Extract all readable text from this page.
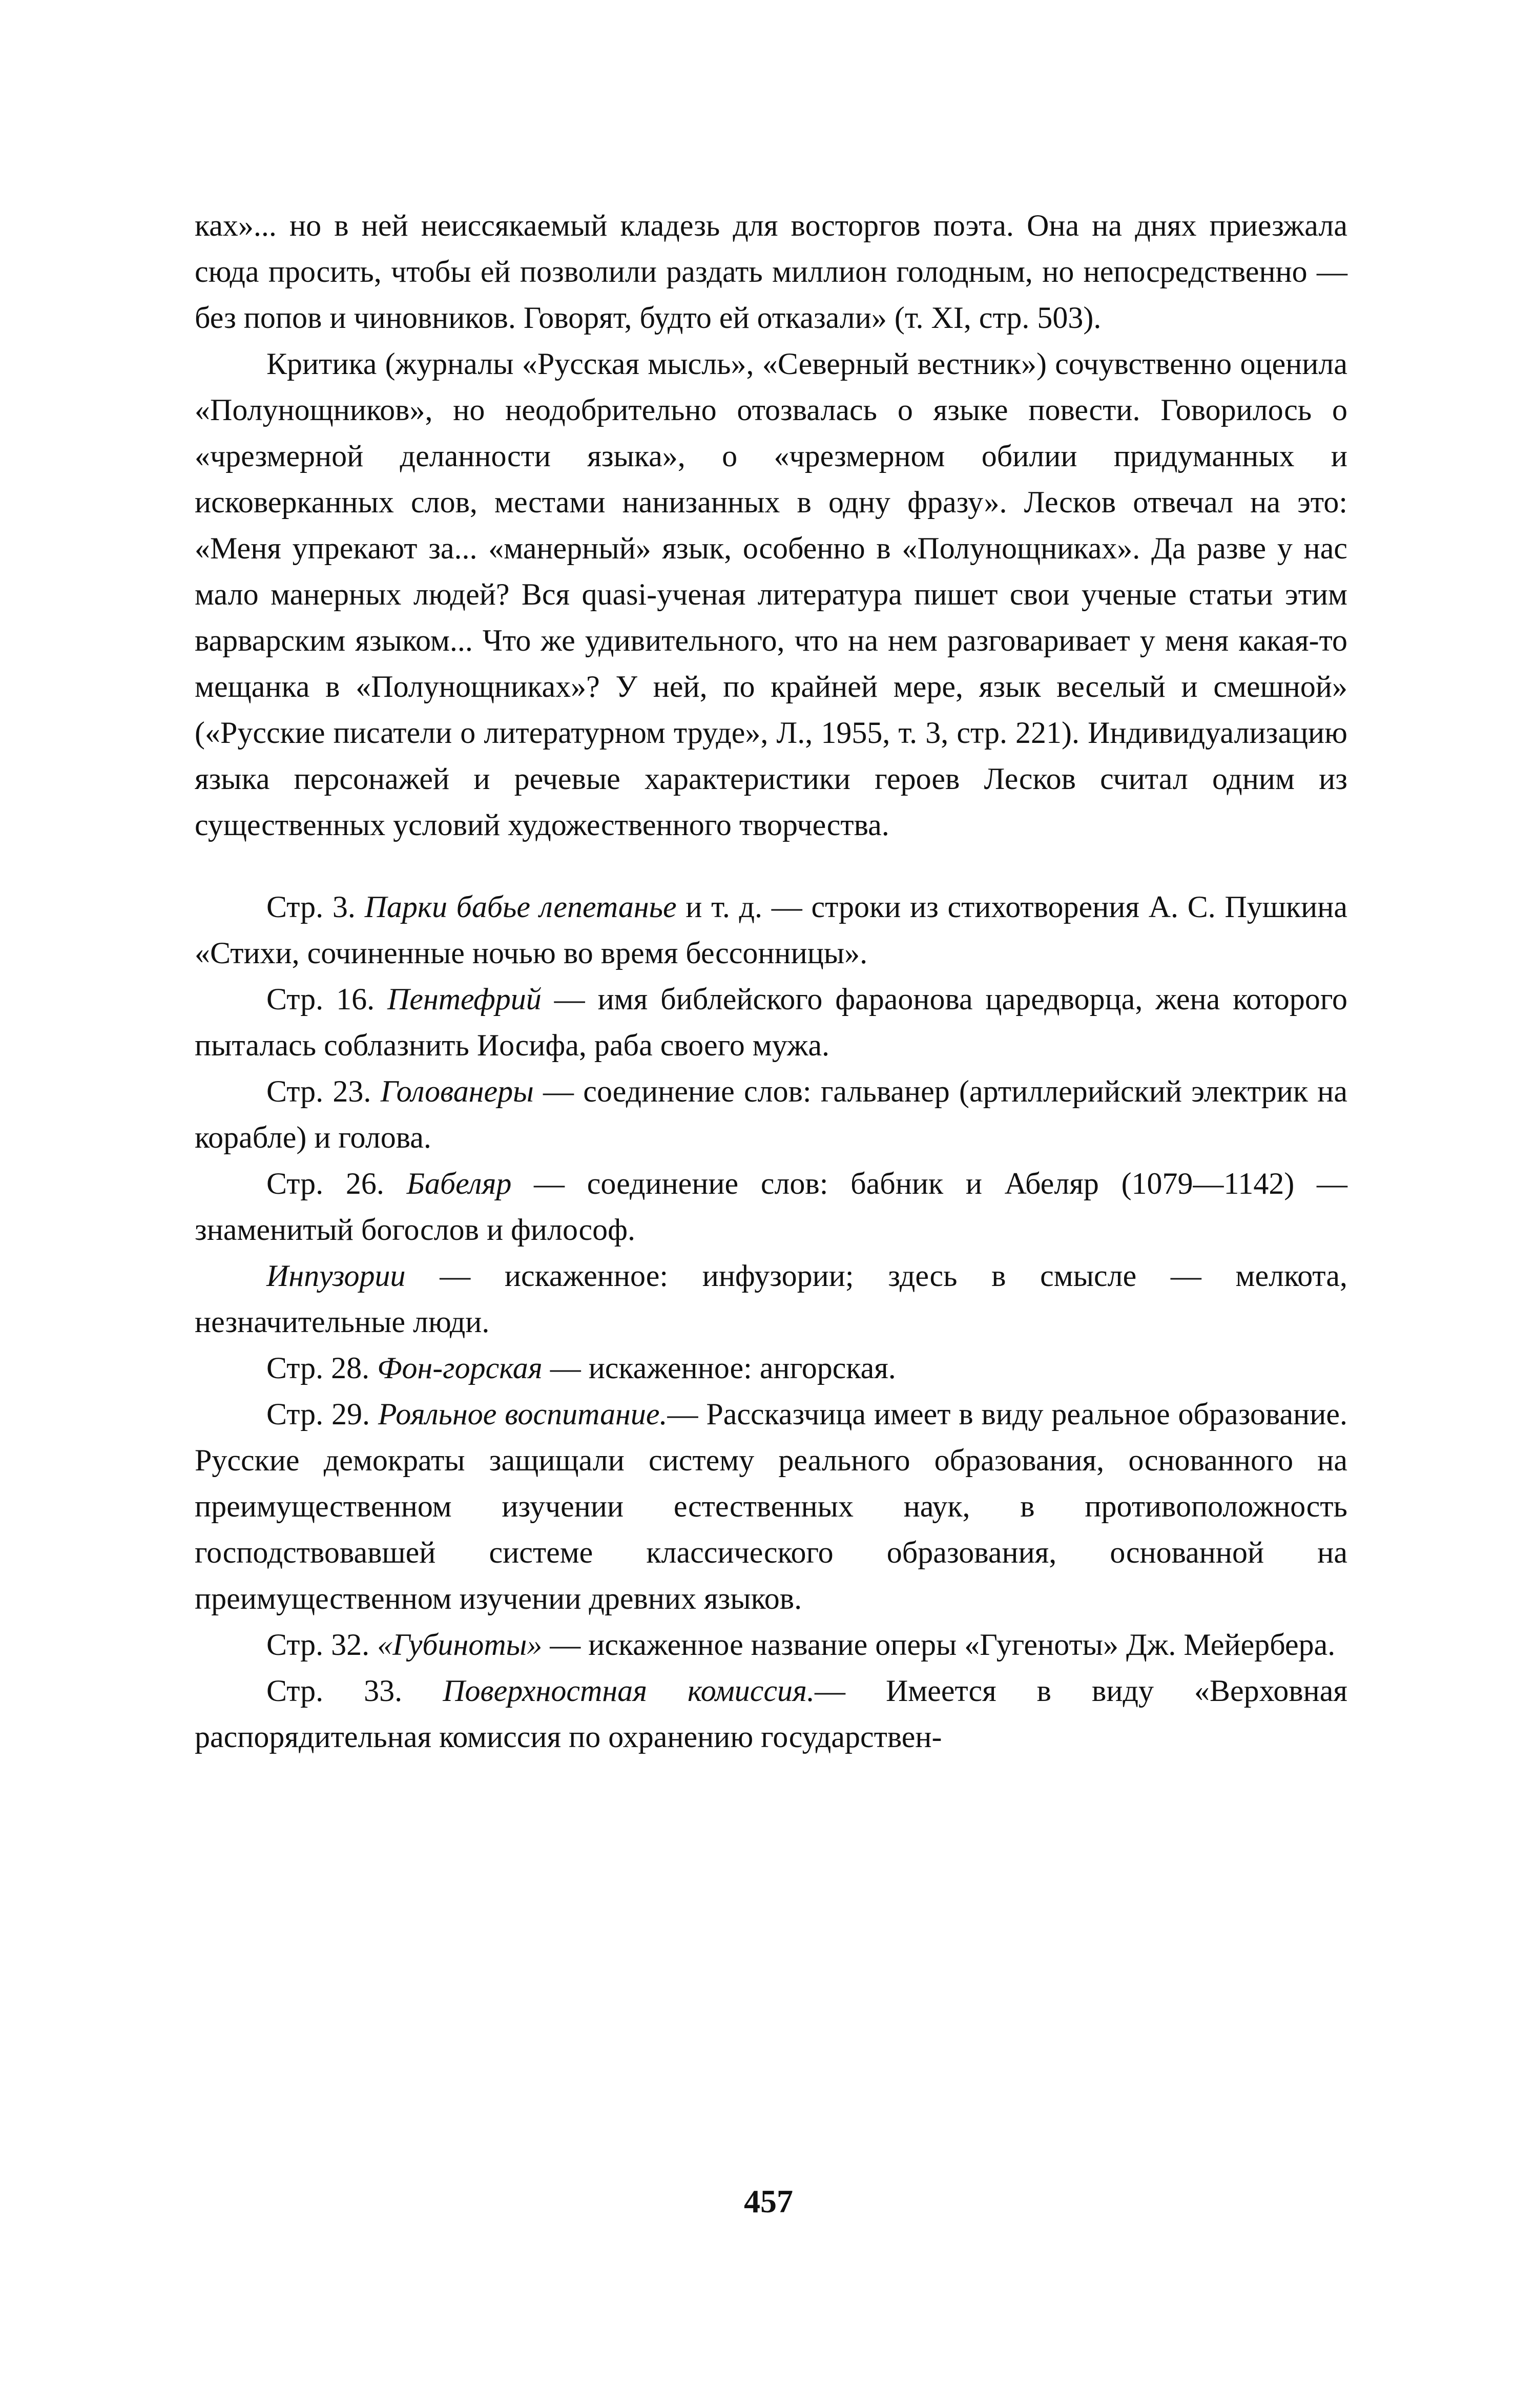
ках»... но в ней неиссякаемый кладезь для восторгов поэта. Она на днях приезжала сюда просить, чтобы ей позволили раздать миллион голодным, но непосредственно — без попов и чиновников. Говорят, будто ей отказали» (т. XI, стр. 503).

Критика (журналы «Русская мысль», «Северный вестник») сочувственно оценила «Полунощников», но неодобрительно отозвалась о языке повести. Говорилось о «чрезмерной деланности языка», о «чрезмерном обилии придуманных и исковерканных слов, местами нанизанных в одну фразу». Лесков отвечал на это: «Меня упрекают за... «манерный» язык, особенно в «Полунощниках». Да разве у нас мало манерных людей? Вся quasi-ученая литература пишет свои ученые статьи этим варварским языком... Что же удивительного, что на нем разговаривает у меня какая-то мещанка в «Полунощниках»? У ней, по крайней мере, язык веселый и смешной» («Русские писатели о литературном труде», Л., 1955, т. 3, стр. 221). Индивидуализацию языка персонажей и речевые характеристики героев Лесков считал одним из существенных условий художественного творчества.

Стр. 3. Парки бабье лепетанье и т. д. — строки из стихотворения А. С. Пушкина «Стихи, сочиненные ночью во время бессонницы».

Стр. 16. Пентефрий — имя библейского фараонова царедворца, жена которого пыталась соблазнить Иосифа, раба своего мужа.

Стр. 23. Голованеры — соединение слов: гальванер (артиллерийский электрик на корабле) и голова.

Стр. 26. Бабеляр — соединение слов: бабник и Абеляр (1079—1142) — знаменитый богослов и философ.

Инпузории — искаженное: инфузории; здесь в смысле — мелкота, незначительные люди.

Стр. 28. Фон-горская — искаженное: ангорская.

Стр. 29. Рояльное воспитание.— Рассказчица имеет в виду реальное образование. Русские демократы защищали систему реального образования, основанного на преимущественном изучении естественных наук, в противоположность господствовавшей системе классического образования, основанной на преимущественном изучении древних языков.

Стр. 32. «Губиноты» — искаженное название оперы «Гугеноты» Дж. Мейербера.

Стр. 33. Поверхностная комиссия.— Имеется в виду «Верховная распорядительная комиссия по охранению государствен-

457
